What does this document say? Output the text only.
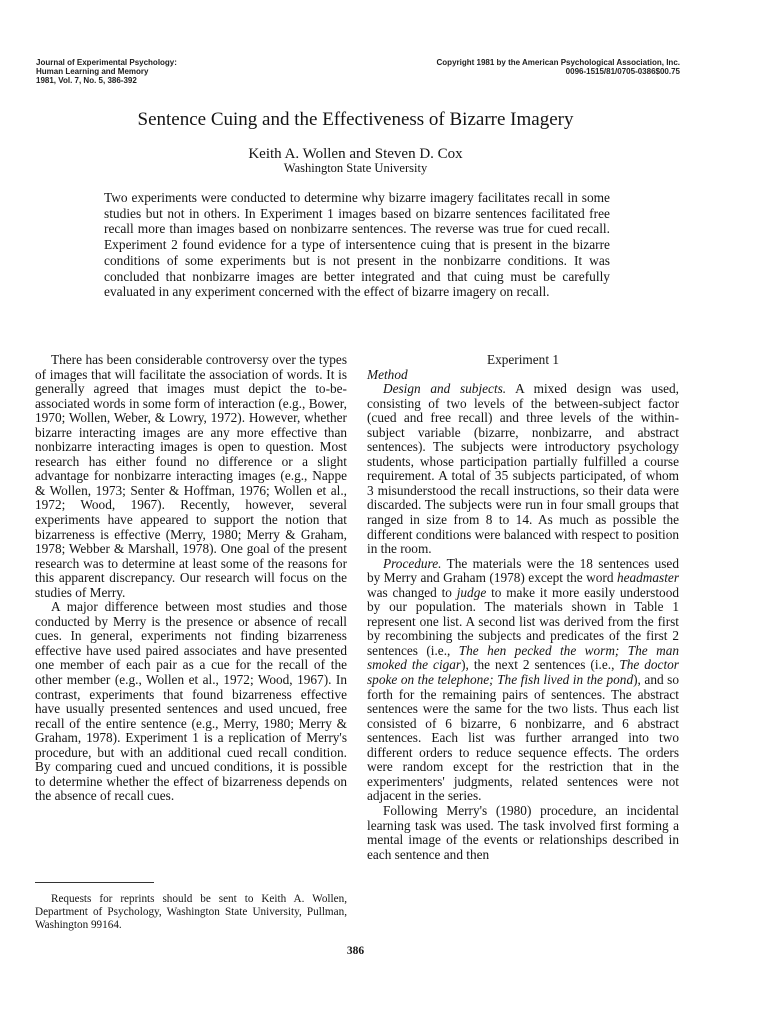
Journal of Experimental Psychology:
Human Learning and Memory
1981, Vol. 7, No. 5, 386-392
Copyright 1981 by the American Psychological Association, Inc.
0096-1515/81/0705-0386$00.75
Sentence Cuing and the Effectiveness of Bizarre Imagery
Keith A. Wollen and Steven D. Cox
Washington State University
Two experiments were conducted to determine why bizarre imagery facilitates recall in some studies but not in others. In Experiment 1 images based on bizarre sentences facilitated free recall more than images based on nonbizarre sentences. The reverse was true for cued recall. Experiment 2 found evidence for a type of intersentence cuing that is present in the bizarre conditions of some experiments but is not present in the nonbizarre conditions. It was concluded that nonbizarre images are better integrated and that cuing must be carefully evaluated in any experiment concerned with the effect of bizarre imagery on recall.

There has been considerable controversy over the types of images that will facilitate the association of words. It is generally agreed that images must depict the to-be-associated words in some form of interaction (e.g., Bower, 1970; Wollen, Weber, & Lowry, 1972). However, whether bizarre interacting images are any more effective than nonbizarre interacting images is open to question. Most research has either found no difference or a slight advantage for nonbizarre interacting images (e.g., Nappe & Wollen, 1973; Senter & Hoffman, 1976; Wollen et al., 1972; Wood, 1967). Recently, however, several experiments have appeared to support the notion that bizarreness is effective (Merry, 1980; Merry & Graham, 1978; Webber & Marshall, 1978). One goal of the present research was to determine at least some of the reasons for this apparent discrepancy. Our research will focus on the studies of Merry.

A major difference between most studies and those conducted by Merry is the presence or absence of recall cues. In general, experiments not finding bizarreness effective have used paired associates and have presented one member of each pair as a cue for the recall of the other member (e.g., Wollen et al., 1972; Wood, 1967). In contrast, experiments that found bizarreness effective have usually presented sentences and used uncued, free recall of the entire sentence (e.g., Merry, 1980; Merry & Graham, 1978). Experiment 1 is a replication of Merry's procedure, but with an additional cued recall condition. By comparing cued and uncued conditions, it is possible to determine whether the effect of bizarreness depends on the absence of recall cues.

Requests for reprints should be sent to Keith A. Wollen, Department of Psychology, Washington State University, Pullman, Washington 99164.

Experiment 1

Method

Design and subjects. A mixed design was used, consisting of two levels of the between-subject factor (cued and free recall) and three levels of the within-subject variable (bizarre, nonbizarre, and abstract sentences). The subjects were introductory psychology students, whose participation partially fulfilled a course requirement. A total of 35 subjects participated, of whom 3 misunderstood the recall instructions, so their data were discarded. The subjects were run in four small groups that ranged in size from 8 to 14. As much as possible the different conditions were balanced with respect to position in the room.

Procedure. The materials were the 18 sentences used by Merry and Graham (1978) except the word headmaster was changed to judge to make it more easily understood by our population. The materials shown in Table 1 represent one list. A second list was derived from the first by recombining the subjects and predicates of the first 2 sentences (i.e., The hen pecked the worm; The man smoked the cigar), the next 2 sentences (i.e., The doctor spoke on the telephone; The fish lived in the pond), and so forth for the remaining pairs of sentences. The abstract sentences were the same for the two lists. Thus each list consisted of 6 bizarre, 6 nonbizarre, and 6 abstract sentences. Each list was further arranged into two different orders to reduce sequence effects. The orders were random except for the restriction that in the experimenters' judgments, related sentences were not adjacent in the series.

Following Merry's (1980) procedure, an incidental learning task was used. The task involved first forming a mental image of the events or relationships described in each sentence and then

386
